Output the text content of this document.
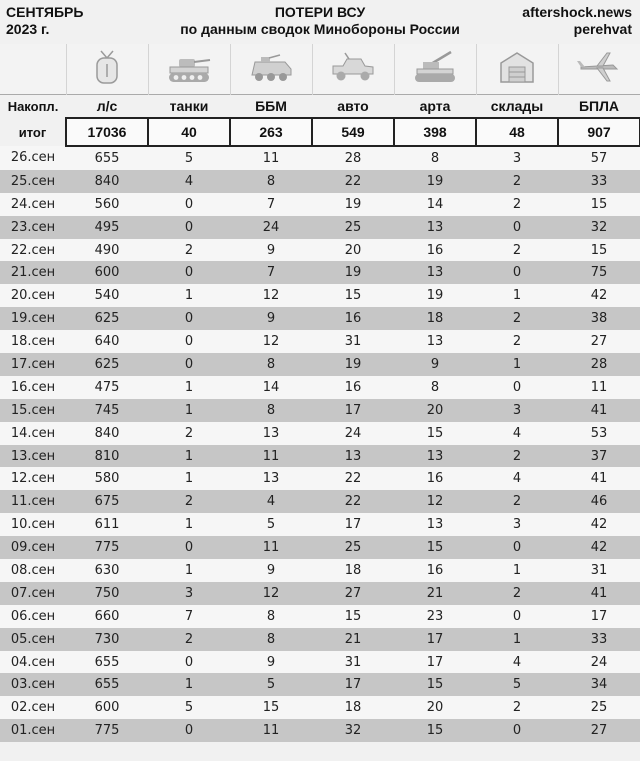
СЕНТЯБРЬ
2023 г.
ПОТЕРИ ВСУ
по данным сводок Минобороны России
aftershock.news
perehvat

Накопл.	л/с	танки	ББМ	авто	арта	склады	БПЛА
итог	17036	40	263	549	398	48	907
26.сен	655	5	11	28	8	3	57
25.сен	840	4	8	22	19	2	33
24.сен	560	0	7	19	14	2	15
23.сен	495	0	24	25	13	0	32
22.сен	490	2	9	20	16	2	15
21.сен	600	0	7	19	13	0	75
20.сен	540	1	12	15	19	1	42
19.сен	625	0	9	16	18	2	38
18.сен	640	0	12	31	13	2	27
17.сен	625	0	8	19	9	1	28
16.сен	475	1	14	16	8	0	11
15.сен	745	1	8	17	20	3	41
14.сен	840	2	13	24	15	4	53
13.сен	810	1	11	13	13	2	37
12.сен	580	1	13	22	16	4	41
11.сен	675	2	4	22	12	2	46
10.сен	611	1	5	17	13	3	42
09.сен	775	0	11	25	15	0	42
08.сен	630	1	9	18	16	1	31
07.сен	750	3	12	27	21	2	41
06.сен	660	7	8	15	23	0	17
05.сен	730	2	8	21	17	1	33
04.сен	655	0	9	31	17	4	24
03.сен	655	1	5	17	15	5	34
02.сен	600	5	15	18	20	2	25
01.сен	775	0	11	32	15	0	27
